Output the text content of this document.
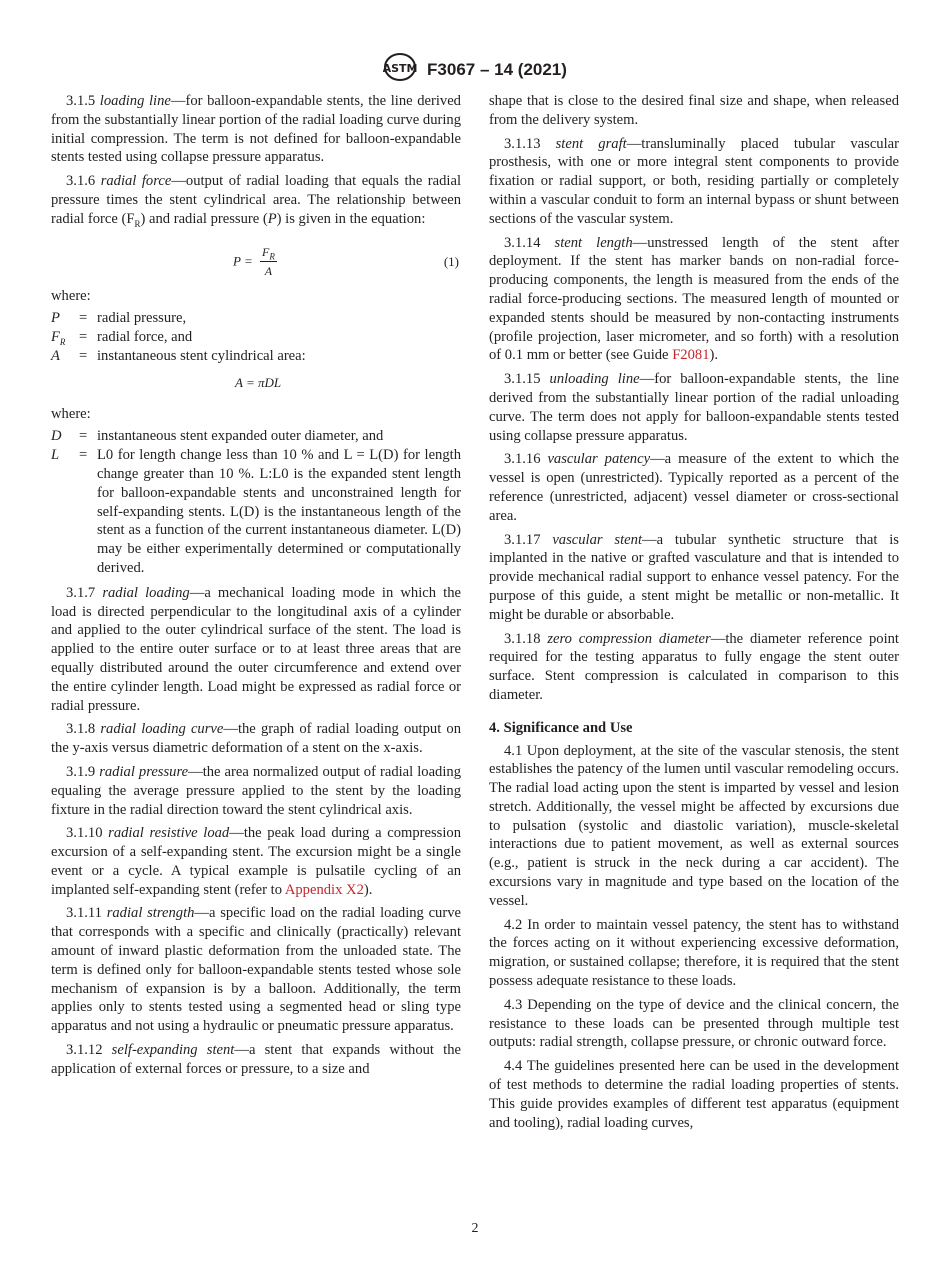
ASTM F3067 – 14 (2021)

3.1.5 loading line—for balloon-expandable stents, the line derived from the substantially linear portion of the radial loading curve during initial compression. The term is not defined for balloon-expandable stents tested using collapse pressure apparatus.

3.1.6 radial force—output of radial loading that equals the radial pressure times the stent cylindrical area. The relationship between radial force $(F_R)$ and radial pressure (P) is given in the equation:

$P = \frac{F_R}{A}$	(1)
where:
P	= radial pressure,
$F_R$ = radial force, and
A	= instantaneous stent cylindrical area:
A = πDL
where:
D	= instantaneous stent expanded outer diameter, and
L	= L0 for length change less than 10 % and L = L(D) for length change greater than 10 %. L:L0 is the expanded stent length for balloon-expandable stents and unconstrained length for self-expanding stents. L(D) is the instantaneous length of the stent as a function of the current instantaneous diameter. L(D) may be either experimentally determined or computationally derived.

3.1.7 radial loading—a mechanical loading mode in which the load is directed perpendicular to the longitudinal axis of a cylinder and applied to the outer cylindrical surface of the stent. The load is applied to the entire outer surface or to at least three areas that are equally distributed around the outer circumference and extend over the entire cylinder length. Load might be expressed as radial force or radial pressure.

3.1.8 radial loading curve—the graph of radial loading output on the y-axis versus diametric deformation of a stent on the x-axis.

3.1.9 radial pressure—the area normalized output of radial loading equaling the average pressure applied to the stent by the loading fixture in the radial direction toward the stent cylindrical axis.

3.1.10 radial resistive load—the peak load during a compression excursion of a self-expanding stent. The excursion might be a single event or a cycle. A typical example is pulsatile cycling of an implanted self-expanding stent (refer to Appendix X2).

3.1.11 radial strength—a specific load on the radial loading curve that corresponds with a specific and clinically (practically) relevant amount of inward plastic deformation from the unloaded state. The term is defined only for balloon-expandable stents tested whose sole mechanism of expansion is by a balloon. Additionally, the term applies only to stents tested using a segmented head or sling type apparatus and not using a hydraulic or pneumatic pressure apparatus.

3.1.12 self-expanding stent—a stent that expands without the application of external forces or pressure, to a size and

shape that is close to the desired final size and shape, when released from the delivery system.

3.1.13 stent graft—transluminally placed tubular vascular prosthesis, with one or more integral stent components to provide fixation or radial support, or both, residing partially or completely within a vascular conduit to form an internal bypass or shunt between sections of the vascular system.

3.1.14 stent length—unstressed length of the stent after deployment. If the stent has marker bands on non-radial force-producing components, the length is measured from the ends of the radial force-producing sections. The measured length of mounted or expanded stents should be measured by non-contacting instruments (profile projection, laser micrometer, and so forth) with a resolution of 0.1 mm or better (see Guide F2081).

3.1.15 unloading line—for balloon-expandable stents, the line derived from the substantially linear portion of the radial unloading curve. The term does not apply for balloon-expandable stents tested using collapse pressure apparatus.

3.1.16 vascular patency—a measure of the extent to which the vessel is open (unrestricted). Typically reported as a percent of the reference (unrestricted, adjacent) vessel diameter or cross-sectional area.

3.1.17 vascular stent—a tubular synthetic structure that is implanted in the native or grafted vasculature and that is intended to provide mechanical radial support to enhance vessel patency. For the purpose of this guide, a stent might be metallic or non-metallic. It might be durable or absorbable.

3.1.18 zero compression diameter—the diameter reference point required for the testing apparatus to fully engage the stent outer surface. Stent compression is calculated in comparison to this diameter.

4. Significance and Use

4.1 Upon deployment, at the site of the vascular stenosis, the stent establishes the patency of the lumen until vascular remodeling occurs. The radial load acting upon the stent is imparted by vessel and lesion stretch. Additionally, the vessel might be affected by excursions due to pulsation (systolic and diastolic variation), muscle-skeletal interactions due to patient movement, as well as external sources (e.g., patient is struck in the neck during a car accident). The excursions vary in magnitude and type based on the location of the vessel.

4.2 In order to maintain vessel patency, the stent has to withstand the forces acting on it without experiencing excessive deformation, migration, or sustained collapse; therefore, it is required that the stent possess adequate resistance to these loads.

4.3 Depending on the type of device and the clinical concern, the resistance to these loads can be presented through multiple test outputs: radial strength, collapse pressure, or chronic outward force.

4.4 The guidelines presented here can be used in the development of test methods to determine the radial loading properties of stents. This guide provides examples of different test apparatus (equipment and tooling), radial loading curves,

2
